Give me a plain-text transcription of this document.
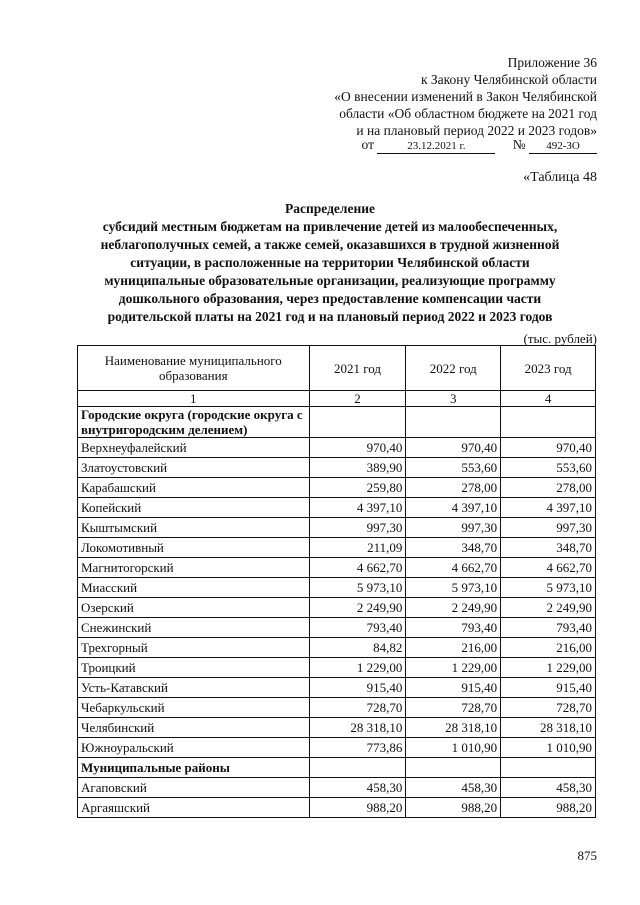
Приложение 36
к Закону Челябинской области
«О внесении изменений в Закон Челябинской
области «Об областном бюджете на 2021 год
и на плановый период 2022 и 2023 годов»
от	23.12.2021 г.	№ 492-ЗО
«Таблица 48
Распределение
субсидий местным бюджетам на привлечение детей из малообеспеченных,
неблагополучных семей, а также семей, оказавшихся в трудной жизненной
ситуации, в расположенные на территории Челябинской области
муниципальные образовательные организации, реализующие программу
дошкольного образования, через предоставление компенсации части
родительской платы на 2021 год и на плановый период 2022 и 2023 годов
(тыс. рублей)
Наименование муниципального образования	2021 год	2022 год	2023 год
1	2	3	4
Городские округа (городские округа с внутригородским делением)			
Верхнеуфалейский	970,40	970,40	970,40
Златоустовский	389,90	553,60	553,60
Карабашский	259,80	278,00	278,00
Копейский	4 397,10	4 397,10	4 397,10
Кыштымский	997,30	997,30	997,30
Локомотивный	211,09	348,70	348,70
Магнитогорский	4 662,70	4 662,70	4 662,70
Миасский	5 973,10	5 973,10	5 973,10
Озерский	2 249,90	2 249,90	2 249,90
Снежинский	793,40	793,40	793,40
Трехгорный	84,82	216,00	216,00
Троицкий	1 229,00	1 229,00	1 229,00
Усть-Катавский	915,40	915,40	915,40
Чебаркульский	728,70	728,70	728,70
Челябинский	28 318,10	28 318,10	28 318,10
Южноуральский	773,86	1 010,90	1 010,90
Муниципальные районы			
Агаповский	458,30	458,30	458,30
Аргаяшский	988,20	988,20	988,20
875
